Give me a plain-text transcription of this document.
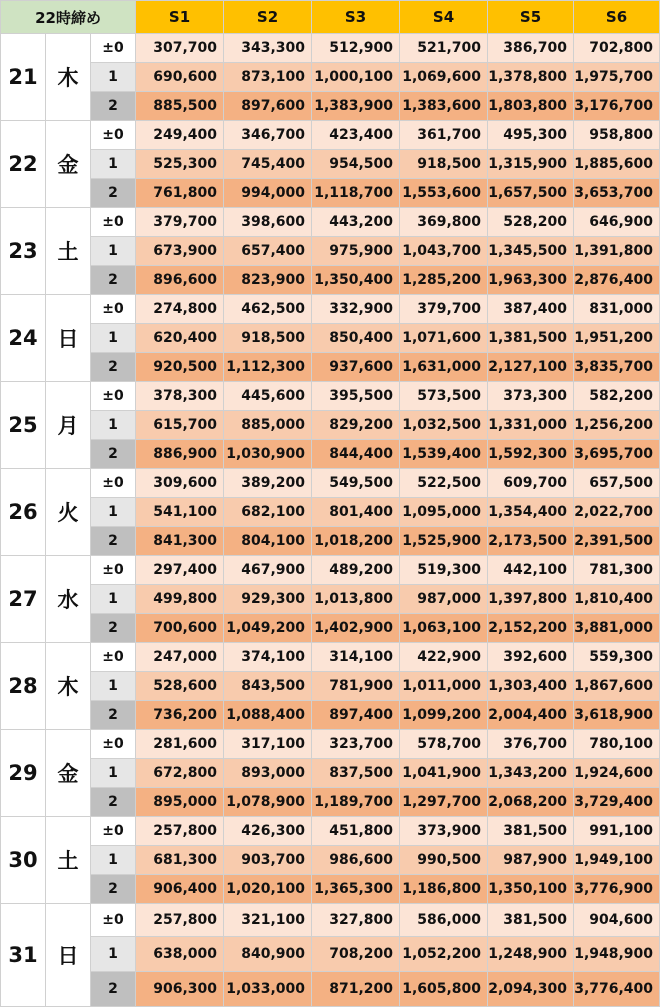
22時締め			S1	S2	S3	S4	S5	S6
21	木	±0	307,700	343,300	512,900	521,700	386,700	702,800
		1	690,600	873,100	1,000,100	1,069,600	1,378,800	1,975,700
		2	885,500	897,600	1,383,900	1,383,600	1,803,800	3,176,700
22	金	±0	249,400	346,700	423,400	361,700	495,300	958,800
		1	525,300	745,400	954,500	918,500	1,315,900	1,885,600
		2	761,800	994,000	1,118,700	1,553,600	1,657,500	3,653,700
23	土	±0	379,700	398,600	443,200	369,800	528,200	646,900
		1	673,900	657,400	975,900	1,043,700	1,345,500	1,391,800
		2	896,600	823,900	1,350,400	1,285,200	1,963,300	2,876,400
24	日	±0	274,800	462,500	332,900	379,700	387,400	831,000
		1	620,400	918,500	850,400	1,071,600	1,381,500	1,951,200
		2	920,500	1,112,300	937,600	1,631,000	2,127,100	3,835,700
25	月	±0	378,300	445,600	395,500	573,500	373,300	582,200
		1	615,700	885,000	829,200	1,032,500	1,331,000	1,256,200
		2	886,900	1,030,900	844,400	1,539,400	1,592,300	3,695,700
26	火	±0	309,600	389,200	549,500	522,500	609,700	657,500
		1	541,100	682,100	801,400	1,095,000	1,354,400	2,022,700
		2	841,300	804,100	1,018,200	1,525,900	2,173,500	2,391,500
27	水	±0	297,400	467,900	489,200	519,300	442,100	781,300
		1	499,800	929,300	1,013,800	987,000	1,397,800	1,810,400
		2	700,600	1,049,200	1,402,900	1,063,100	2,152,200	3,881,000
28	木	±0	247,000	374,100	314,100	422,900	392,600	559,300
		1	528,600	843,500	781,900	1,011,000	1,303,400	1,867,600
		2	736,200	1,088,400	897,400	1,099,200	2,004,400	3,618,900
29	金	±0	281,600	317,100	323,700	578,700	376,700	780,100
		1	672,800	893,000	837,500	1,041,900	1,343,200	1,924,600
		2	895,000	1,078,900	1,189,700	1,297,700	2,068,200	3,729,400
30	土	±0	257,800	426,300	451,800	373,900	381,500	991,100
		1	681,300	903,700	986,600	990,500	987,900	1,949,100
		2	906,400	1,020,100	1,365,300	1,186,800	1,350,100	3,776,900
31	日	±0	257,800	321,100	327,800	586,000	381,500	904,600
		1	638,000	840,900	708,200	1,052,200	1,248,900	1,948,900
		2	906,300	1,033,000	871,200	1,605,800	2,094,300	3,776,400
